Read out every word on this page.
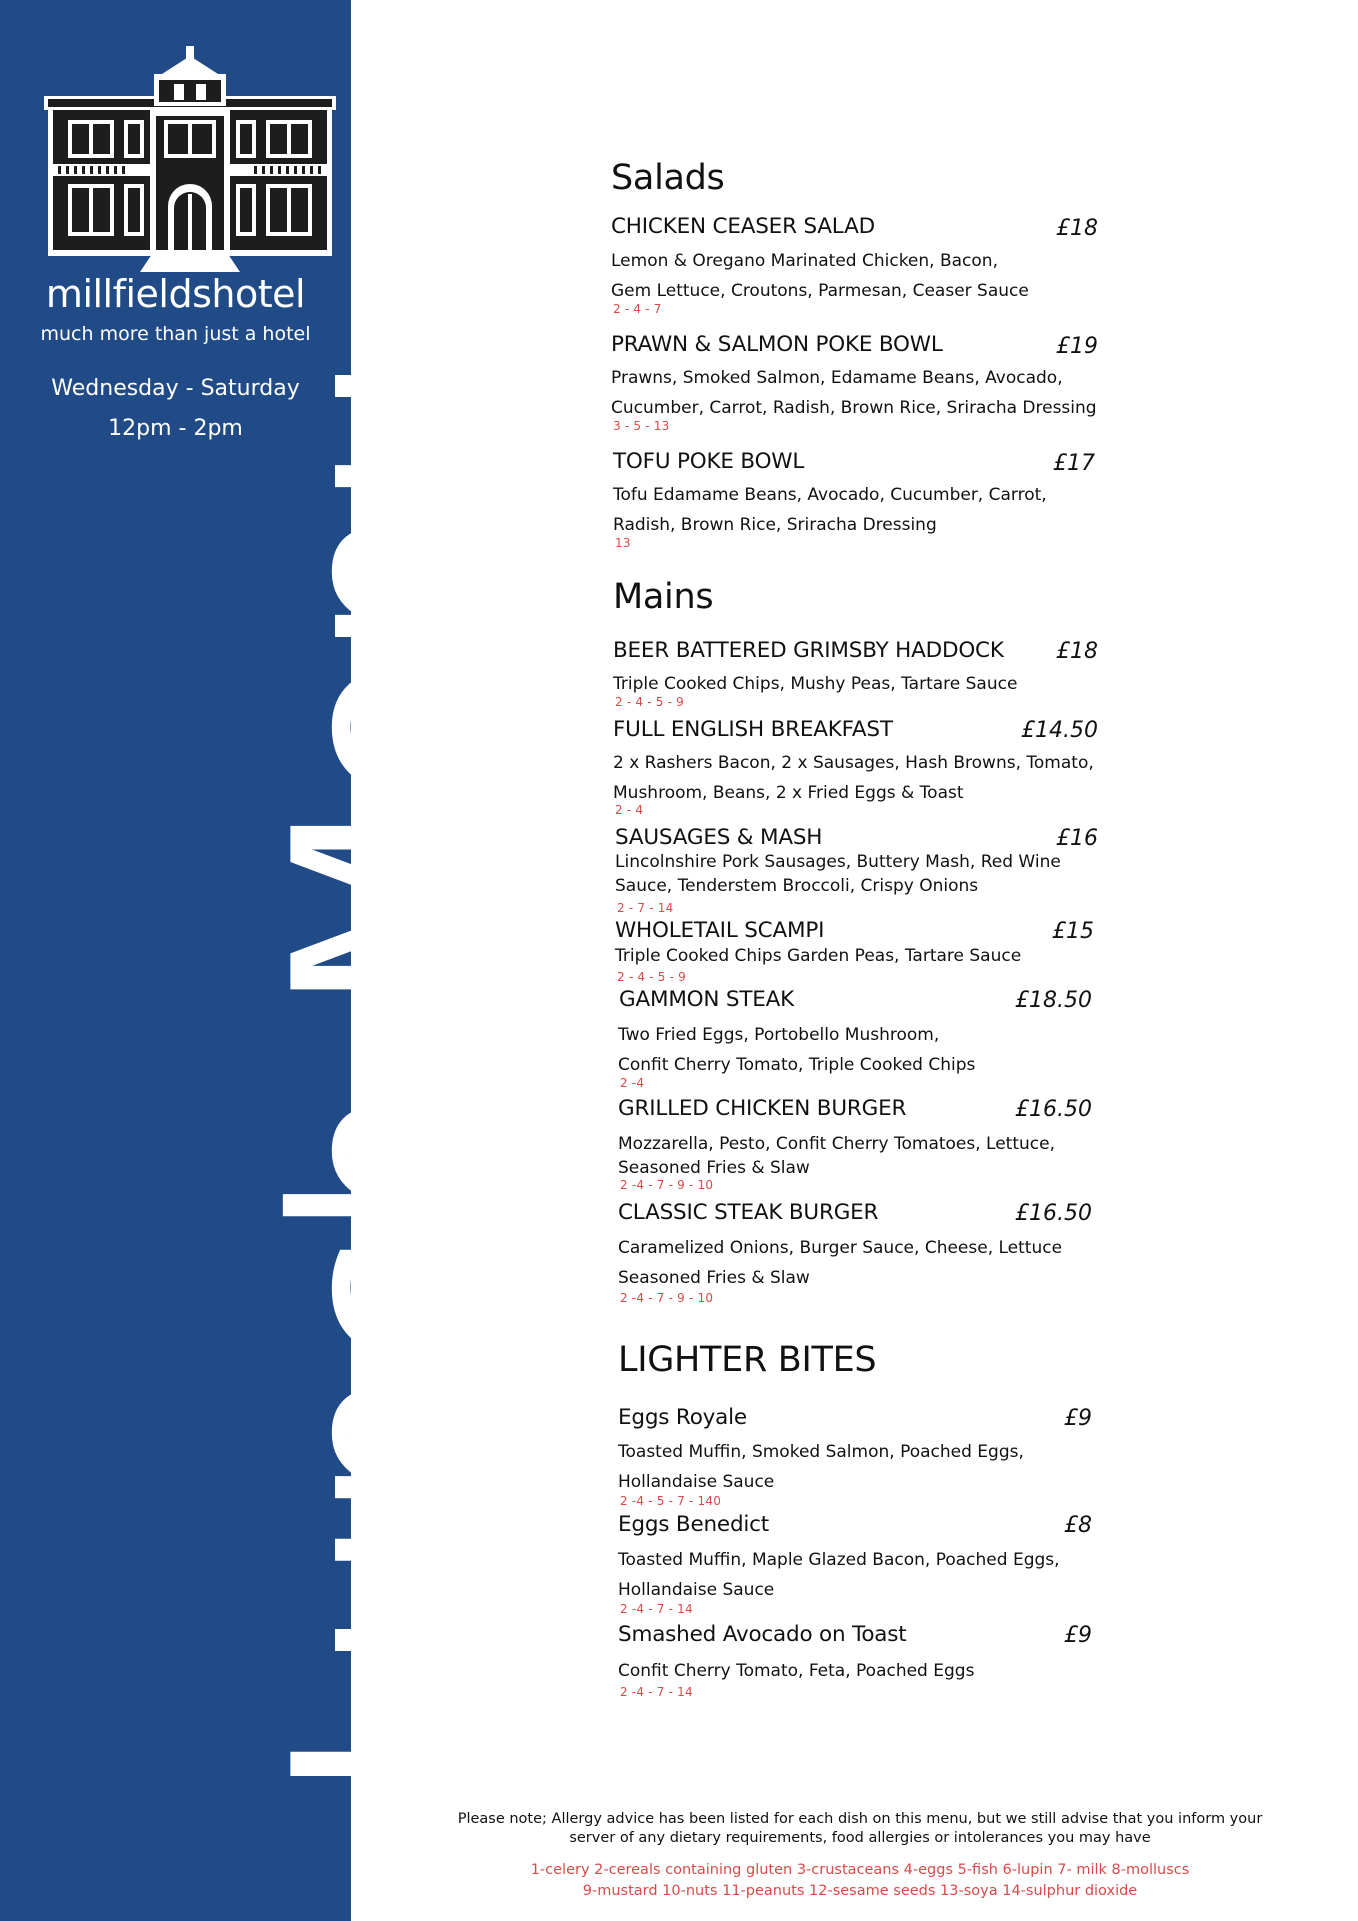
millfieldshotel
much more than just a hotel
Wednesday - Saturday
12pm - 2pm Lunch Menu
Salads
CHICKEN CEASER SALAD	£18
Lemon & Oregano Marinated Chicken, Bacon,
Gem Lettuce, Croutons, Parmesan, Ceaser Sauce
2 - 4 - 7
PRAWN & SALMON POKE BOWL	£19
Prawns, Smoked Salmon, Edamame Beans, Avocado,
Cucumber, Carrot, Radish, Brown Rice, Sriracha Dressing
3 - 5 - 13
TOFU POKE BOWL	£17
Tofu Edamame Beans, Avocado, Cucumber, Carrot,
Radish, Brown Rice, Sriracha Dressing
13
Mains
BEER BATTERED GRIMSBY HADDOCK	£18
Triple Cooked Chips, Mushy Peas, Tartare Sauce
2 - 4 - 5 - 9
FULL ENGLISH BREAKFAST	£14.50
2 x Rashers Bacon, 2 x Sausages, Hash Browns, Tomato,
Mushroom, Beans, 2 x Fried Eggs & Toast
2 - 4
SAUSAGES & MASH	£16
Lincolnshire Pork Sausages, Buttery Mash, Red Wine
Sauce, Tenderstem Broccoli, Crispy Onions
2 - 7 - 14
WHOLETAIL SCAMPI	£15
Triple Cooked Chips Garden Peas, Tartare Sauce
2 - 4 - 5 - 9
GAMMON STEAK	£18.50
Two Fried Eggs, Portobello Mushroom,
Confit Cherry Tomato, Triple Cooked Chips
2 -4
GRILLED CHICKEN BURGER	£16.50
Mozzarella, Pesto, Confit Cherry Tomatoes, Lettuce,
Seasoned Fries & Slaw
2 -4 - 7 - 9 - 10
CLASSIC STEAK BURGER	£16.50
Caramelized Onions, Burger Sauce, Cheese, Lettuce
Seasoned Fries & Slaw
2 -4 - 7 - 9 - 10
LIGHTER BITES
Eggs Royale	£9
Toasted Muffin, Smoked Salmon, Poached Eggs,
Hollandaise Sauce
2 -4 - 5 - 7 - 140
Eggs Benedict	£8
Toasted Muffin, Maple Glazed Bacon, Poached Eggs,
Hollandaise Sauce
2 -4 - 7 - 14
Smashed Avocado on Toast	£9
Confit Cherry Tomato, Feta, Poached Eggs
2 -4 - 7 - 14
Please note; Allergy advice has been listed for each dish on this menu, but we still advise that you inform your
server of any dietary requirements, food allergies or intolerances you may have
1-celery 2-cereals containing gluten 3-crustaceans 4-eggs 5-fish 6-lupin 7- milk 8-molluscs
9-mustard 10-nuts 11-peanuts 12-sesame seeds 13-soya 14-sulphur dioxide
